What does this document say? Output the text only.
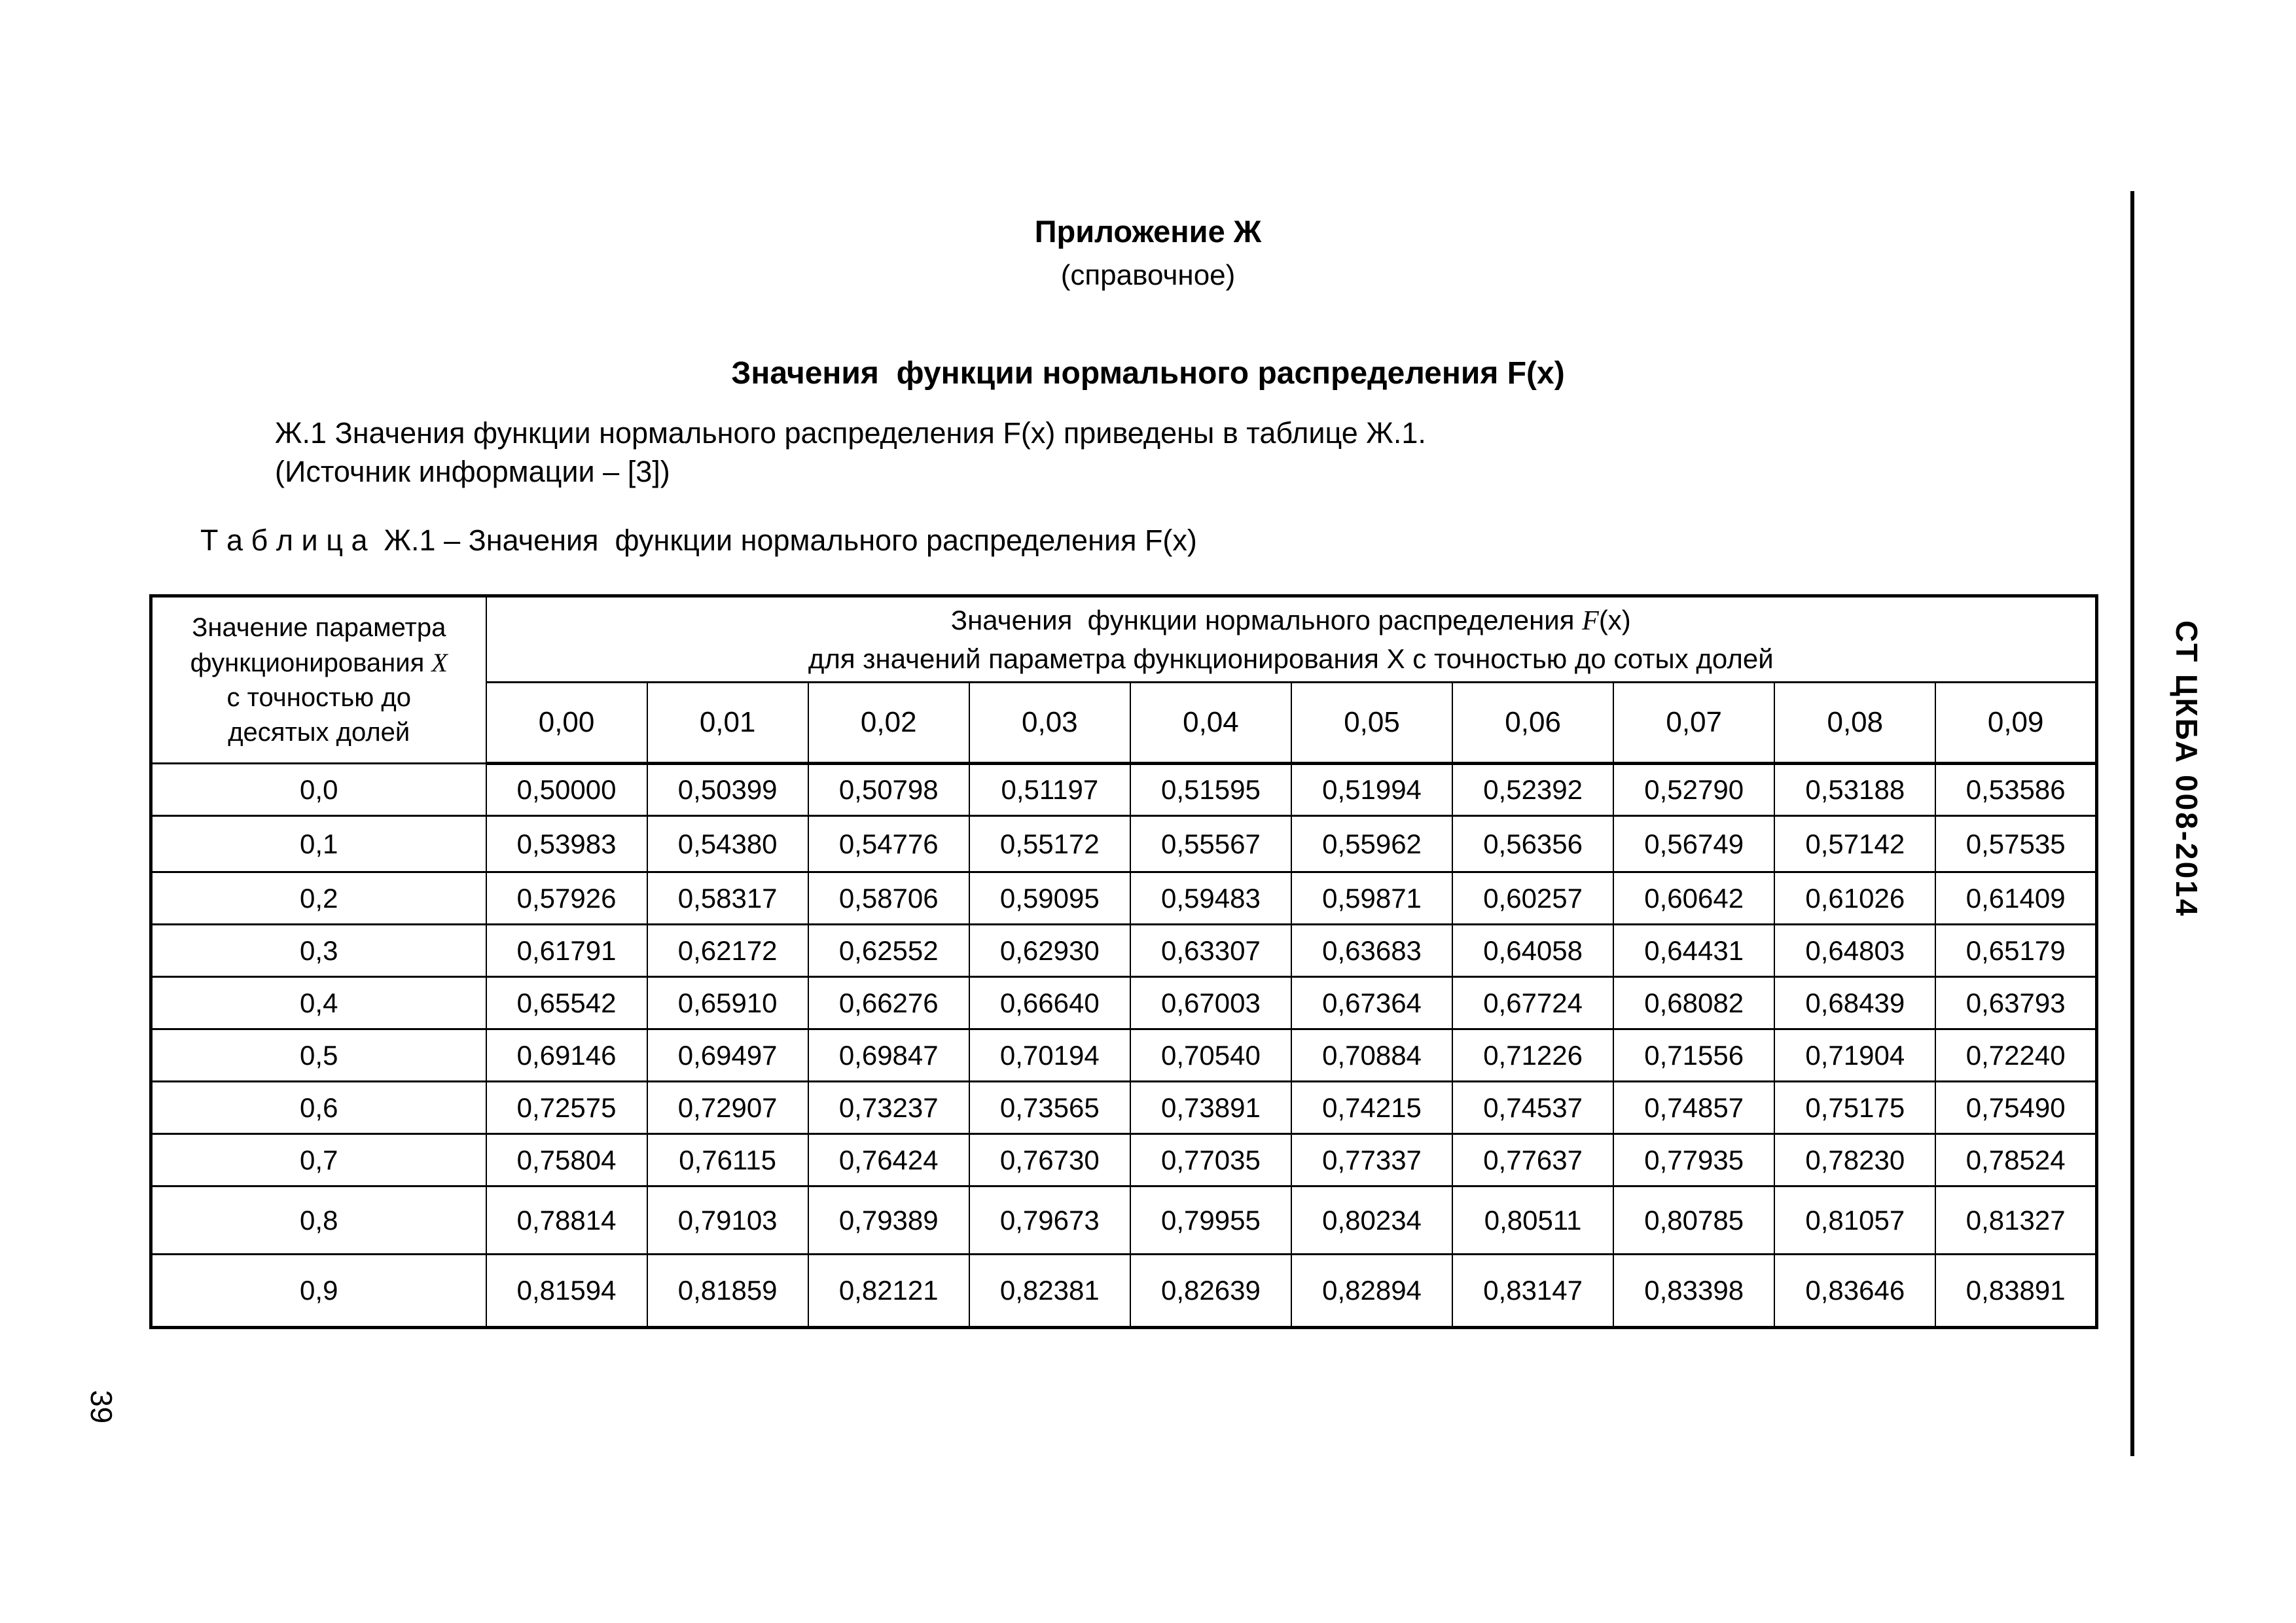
Приложение Ж
(справочное)
Значения  функции нормального распределения F(x)
Ж.1 Значения функции нормального распределения F(x) приведены в таблице Ж.1.
(Источник информации – [3])
Т а б л и ц а  Ж.1 – Значения  функции нормального распределения F(x)
Значение параметра
функционирования X
с точностью до
десятых долей

Значения  функции нормального распределения F(x)
для значений параметра функционирования Х с точностью до сотых долей

	0,00	0,01	0,02	0,03	0,04	0,05	0,06	0,07	0,08	0,09
0,0	0,50000	0,50399	0,50798	0,51197	0,51595	0,51994	0,52392	0,52790	0,53188	0,53586
0,1	0,53983	0,54380	0,54776	0,55172	0,55567	0,55962	0,56356	0,56749	0,57142	0,57535
0,2	0,57926	0,58317	0,58706	0,59095	0,59483	0,59871	0,60257	0,60642	0,61026	0,61409
0,3	0,61791	0,62172	0,62552	0,62930	0,63307	0,63683	0,64058	0,64431	0,64803	0,65179
0,4	0,65542	0,65910	0,66276	0,66640	0,67003	0,67364	0,67724	0,68082	0,68439	0,63793
0,5	0,69146	0,69497	0,69847	0,70194	0,70540	0,70884	0,71226	0,71556	0,71904	0,72240
0,6	0,72575	0,72907	0,73237	0,73565	0,73891	0,74215	0,74537	0,74857	0,75175	0,75490
0,7	0,75804	0,76115	0,76424	0,76730	0,77035	0,77337	0,77637	0,77935	0,78230	0,78524
0,8	0,78814	0,79103	0,79389	0,79673	0,79955	0,80234	0,80511	0,80785	0,81057	0,81327
0,9	0,81594	0,81859	0,82121	0,82381	0,82639	0,82894	0,83147	0,83398	0,83646	0,83891
СТ ЦКБА 008-2014
39
